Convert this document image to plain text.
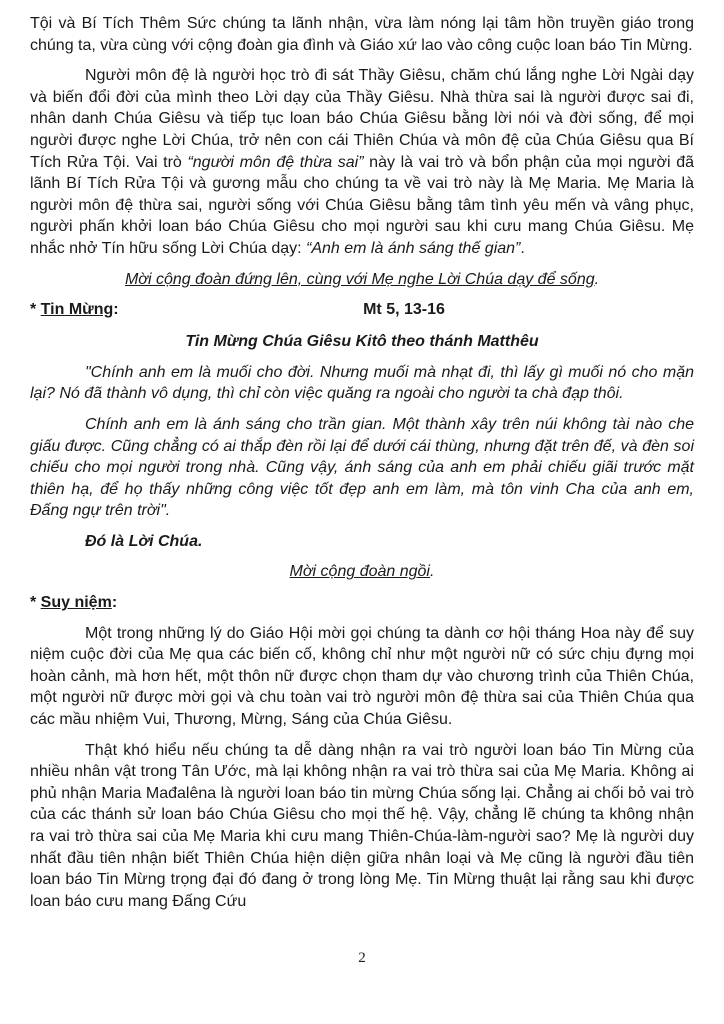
Tội và Bí Tích Thêm Sức chúng ta lãnh nhận, vừa làm nóng lại tâm hồn truyền giáo trong chúng ta, vừa cùng với cộng đoàn gia đình và Giáo xứ lao vào công cuộc loan báo Tin Mừng.

Người môn đệ là người học trò đi sát Thầy Giêsu, chăm chú lắng nghe Lời Ngài dạy và biến đổi đời của mình theo Lời dạy của Thầy Giêsu. Nhà thừa sai là người được sai đi, nhân danh Chúa Giêsu và tiếp tục loan báo Chúa Giêsu bằng lời nói và đời sống, để mọi người được nghe Lời Chúa, trở nên con cái Thiên Chúa và môn đệ của Chúa Giêsu qua Bí Tích Rửa Tội. Vai trò “người môn đệ thừa sai” này là vai trò và bổn phận của mọi người đã lãnh Bí Tích Rửa Tội và gương mẫu cho chúng ta về vai trò này là Mẹ Maria. Mẹ Maria là người môn đệ thừa sai, người sống với Chúa Giêsu bằng tâm tình yêu mến và vâng phục, người phấn khởi loan báo Chúa Giêsu cho mọi người sau khi cưu mang Chúa Giêsu. Mẹ nhắc nhở Tín hữu sống Lời Chúa dạy: “Anh em là ánh sáng thế gian”.

Mời cộng đoàn đứng lên, cùng với Mẹ nghe Lời Chúa dạy để sống.

* Tin Mừng:	Mt 5, 13-16

Tin Mừng Chúa Giêsu Kitô theo thánh Matthêu

"Chính anh em là muối cho đời. Nhưng muối mà nhạt đi, thì lấy gì muối nó cho mặn lại? Nó đã thành vô dụng, thì chỉ còn việc quăng ra ngoài cho người ta chà đạp thôi.

Chính anh em là ánh sáng cho trần gian. Một thành xây trên núi không tài nào che giấu được. Cũng chẳng có ai thắp đèn rồi lại để dưới cái thùng, nhưng đặt trên đế, và đèn soi chiếu cho mọi người trong nhà. Cũng vậy, ánh sáng của anh em phải chiếu giãi trước mặt thiên hạ, để họ thấy những công việc tốt đẹp anh em làm, mà tôn vinh Cha của anh em, Đấng ngự trên trời".

Đó là Lời Chúa.

Mời cộng đoàn ngồi.

* Suy niệm:

Một trong những lý do Giáo Hội mời gọi chúng ta dành cơ hội tháng Hoa này để suy niệm cuộc đời của Mẹ qua các biến cố, không chỉ như một người nữ có sức chịu đựng mọi hoàn cảnh, mà hơn hết, một thôn nữ được chọn tham dự vào chương trình của Thiên Chúa, một người nữ được mời gọi và chu toàn vai trò người môn đệ thừa sai của Thiên Chúa qua các mầu nhiệm Vui, Thương, Mừng, Sáng của Chúa Giêsu.

Thật khó hiểu nếu chúng ta dễ dàng nhận ra vai trò người loan báo Tin Mừng của nhiều nhân vật trong Tân Ước, mà lại không nhận ra vai trò thừa sai của Mẹ Maria. Không ai phủ nhận Maria Mađalêna là người loan báo tin mừng Chúa sống lại. Chẳng ai chối bỏ vai trò của các thánh sử loan báo Chúa Giêsu cho mọi thế hệ. Vậy, chẳng lẽ chúng ta không nhận ra vai trò thừa sai của Mẹ Maria khi cưu mang Thiên-Chúa-làm-người sao? Mẹ là người duy nhất đầu tiên nhận biết Thiên Chúa hiện diện giữa nhân loại và Mẹ cũng là người đầu tiên loan báo Tin Mừng trọng đại đó đang ở trong lòng Mẹ. Tin Mừng thuật lại rằng sau khi được loan báo cưu mang Đấng Cứu

2
